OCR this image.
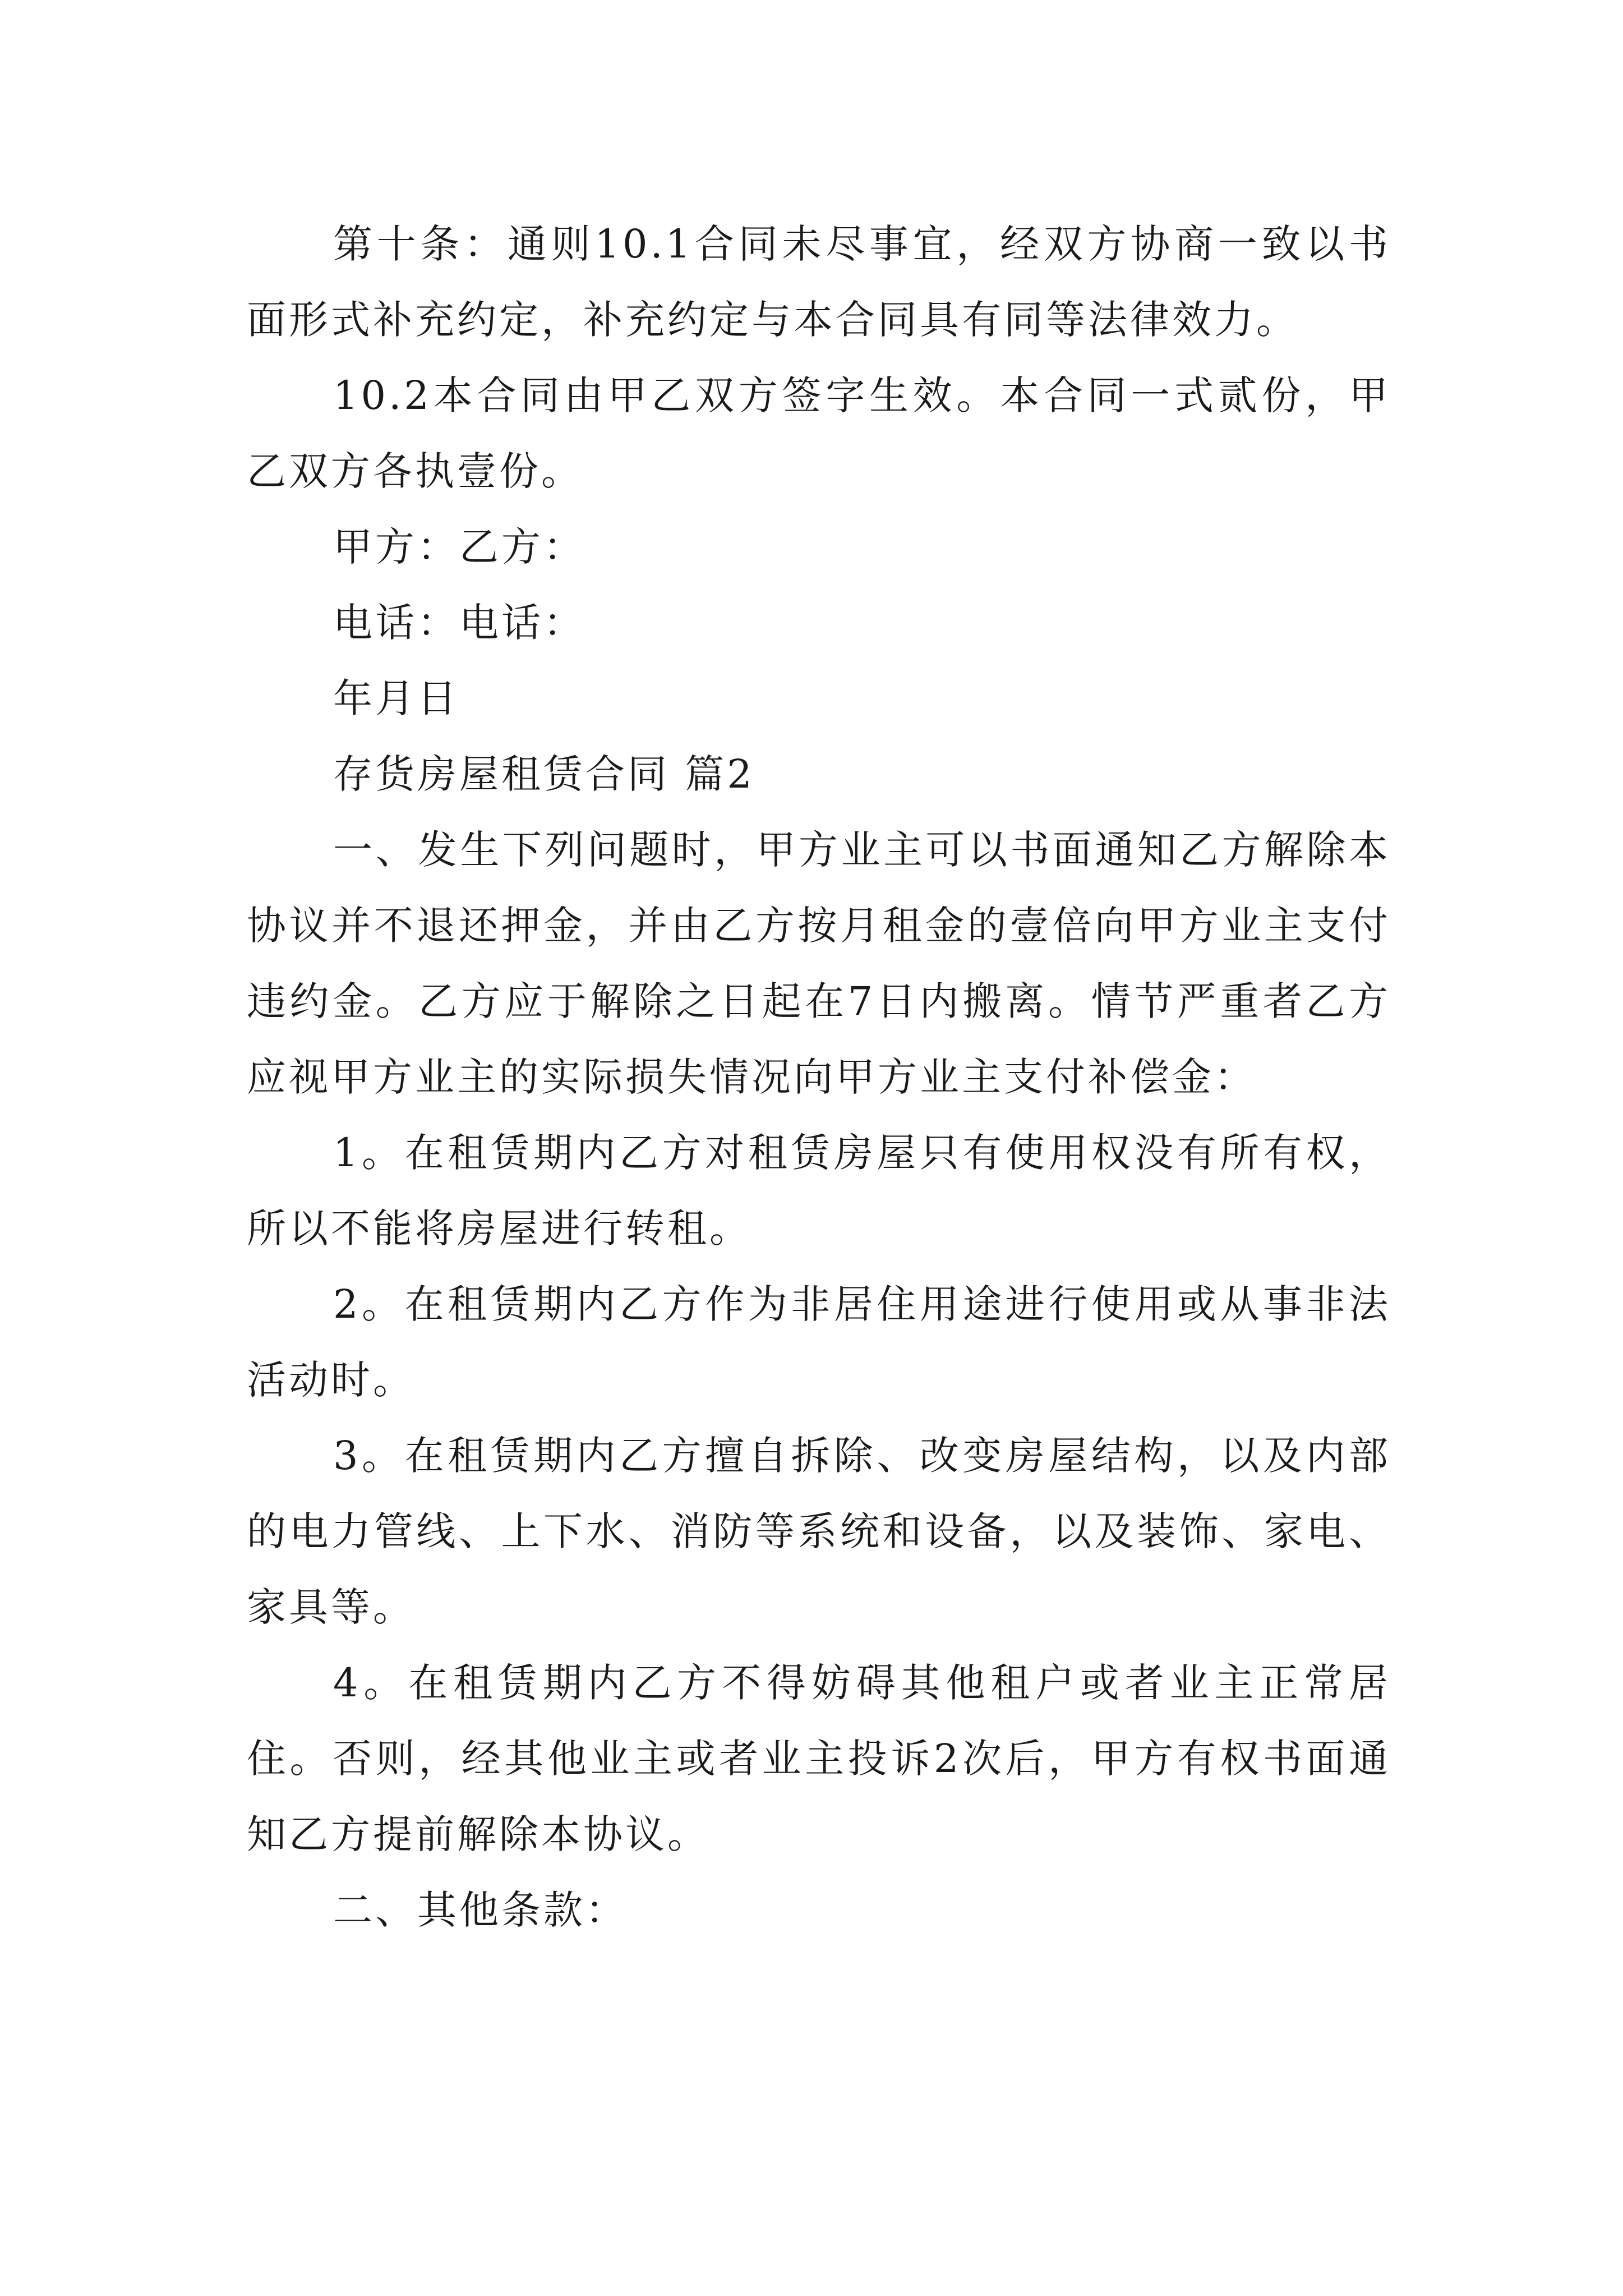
第十条：通则10.1合同未尽事宜，经双方协商一致以书面形式补充约定，补充约定与本合同具有同等法律效力。

10.2本合同由甲乙双方签字生效。本合同一式贰份，甲乙双方各执壹份。

甲方：乙方：

电话：电话：

年月日

存货房屋租赁合同 篇2

一、发生下列问题时，甲方业主可以书面通知乙方解除本协议并不退还押金，并由乙方按月租金的壹倍向甲方业主支付违约金。乙方应于解除之日起在7日内搬离。情节严重者乙方应视甲方业主的实际损失情况向甲方业主支付补偿金：

1。在租赁期内乙方对租赁房屋只有使用权没有所有权，所以不能将房屋进行转租。

2。在租赁期内乙方作为非居住用途进行使用或从事非法活动时。

3。在租赁期内乙方擅自拆除、改变房屋结构，以及内部的电力管线、上下水、消防等系统和设备，以及装饰、家电、家具等。

4。在租赁期内乙方不得妨碍其他租户或者业主正常居住。否则，经其他业主或者业主投诉2次后，甲方有权书面通知乙方提前解除本协议。

二、其他条款：
